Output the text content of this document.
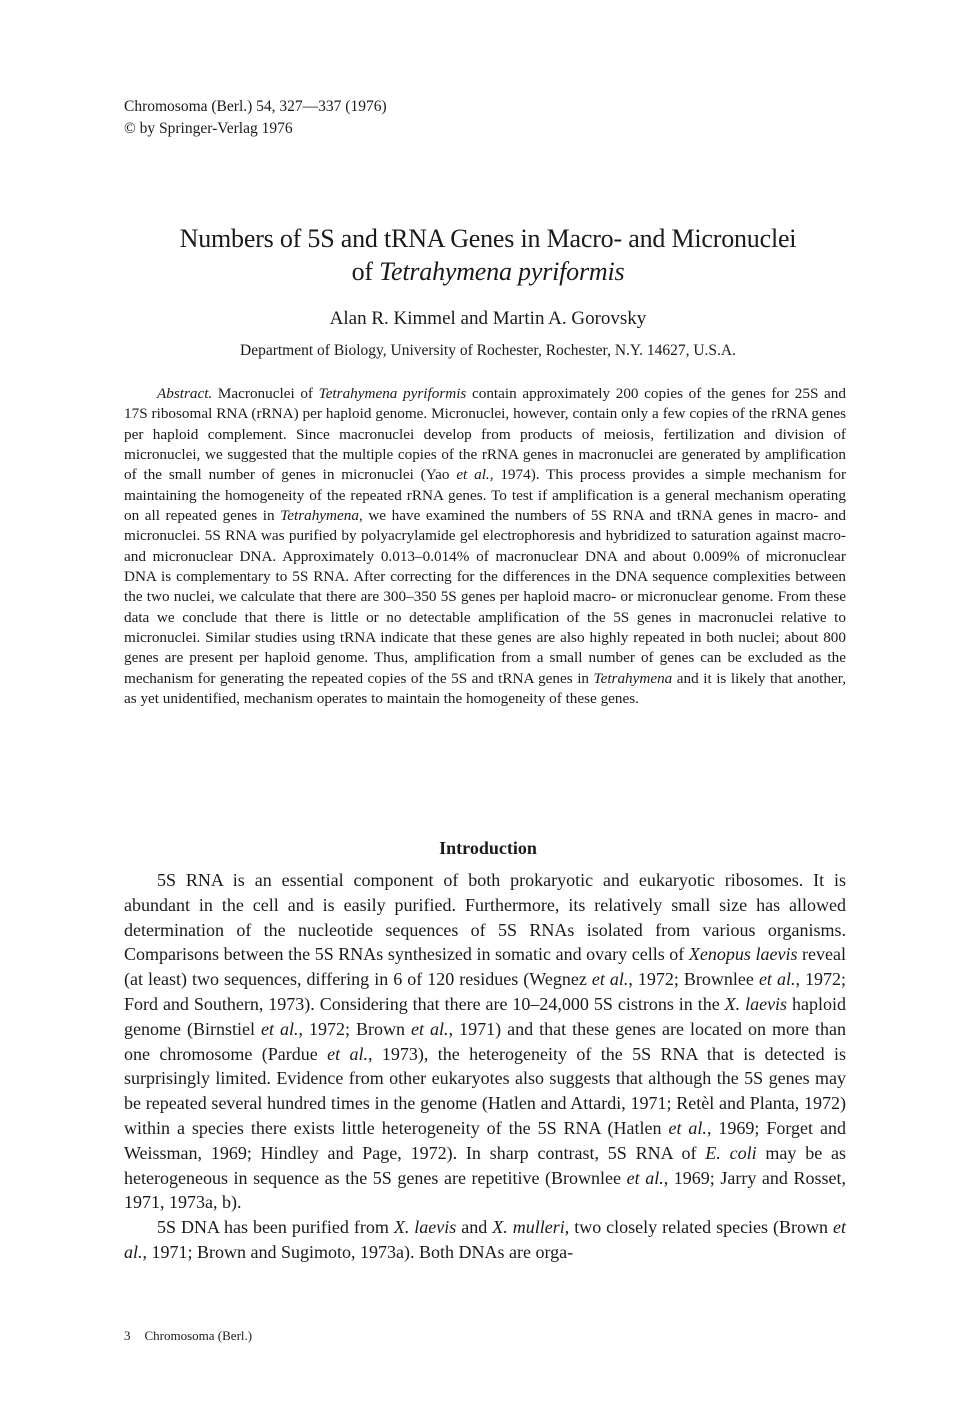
Chromosoma (Berl.) 54, 327—337 (1976)
© by Springer-Verlag 1976
Numbers of 5S and tRNA Genes in Macro- and Micronuclei
of Tetrahymena pyriformis
Alan R. Kimmel and Martin A. Gorovsky
Department of Biology, University of Rochester, Rochester, N.Y. 14627, U.S.A.

Abstract. Macronuclei of Tetrahymena pyriformis contain approximately 200 copies of the genes for 25S and 17S ribosomal RNA (rRNA) per haploid genome. Micronuclei, however, contain only a few copies of the rRNA genes per haploid complement. Since macronuclei develop from products of meiosis, fertilization and division of micronuclei, we suggested that the multiple copies of the rRNA genes in macronuclei are generated by amplification of the small number of genes in micronuclei (Yao et al., 1974). This process provides a simple mechanism for maintaining the homogeneity of the repeated rRNA genes. To test if amplification is a general mechanism operating on all repeated genes in Tetrahymena, we have examined the numbers of 5S RNA and tRNA genes in macro- and micronuclei. 5S RNA was purified by polyacrylamide gel electrophoresis and hybridized to saturation against macro- and micronuclear DNA. Approximately 0.013–0.014% of macronuclear DNA and about 0.009% of micronuclear DNA is complementary to 5S RNA. After correcting for the differences in the DNA sequence complexities between the two nuclei, we calculate that there are 300–350 5S genes per haploid macro- or micronuclear genome. From these data we conclude that there is little or no detectable amplification of the 5S genes in macronuclei relative to micronuclei. Similar studies using tRNA indicate that these genes are also highly repeated in both nuclei; about 800 genes are present per haploid genome. Thus, amplification from a small number of genes can be excluded as the mechanism for generating the repeated copies of the 5S and tRNA genes in Tetrahymena and it is likely that another, as yet unidentified, mechanism operates to maintain the homogeneity of these genes.

Introduction

5S RNA is an essential component of both prokaryotic and eukaryotic ribosomes. It is abundant in the cell and is easily purified. Furthermore, its relatively small size has allowed determination of the nucleotide sequences of 5S RNAs isolated from various organisms. Comparisons between the 5S RNAs synthesized in somatic and ovary cells of Xenopus laevis reveal (at least) two sequences, differing in 6 of 120 residues (Wegnez et al., 1972; Brownlee et al., 1972; Ford and Southern, 1973). Considering that there are 10–24,000 5S cistrons in the X. laevis haploid genome (Birnstiel et al., 1972; Brown et al., 1971) and that these genes are located on more than one chromosome (Pardue et al., 1973), the heterogeneity of the 5S RNA that is detected is surprisingly limited. Evidence from other eukaryotes also suggests that although the 5S genes may be repeated several hundred times in the genome (Hatlen and Attardi, 1971; Retèl and Planta, 1972) within a species there exists little heterogeneity of the 5S RNA (Hatlen et al., 1969; Forget and Weissman, 1969; Hindley and Page, 1972). In sharp contrast, 5S RNA of E. coli may be as heterogeneous in sequence as the 5S genes are repetitive (Brownlee et al., 1969; Jarry and Rosset, 1971, 1973a, b).

5S DNA has been purified from X. laevis and X. mulleri, two closely related species (Brown et al., 1971; Brown and Sugimoto, 1973a). Both DNAs are orga-

3 Chromosoma (Berl.)
